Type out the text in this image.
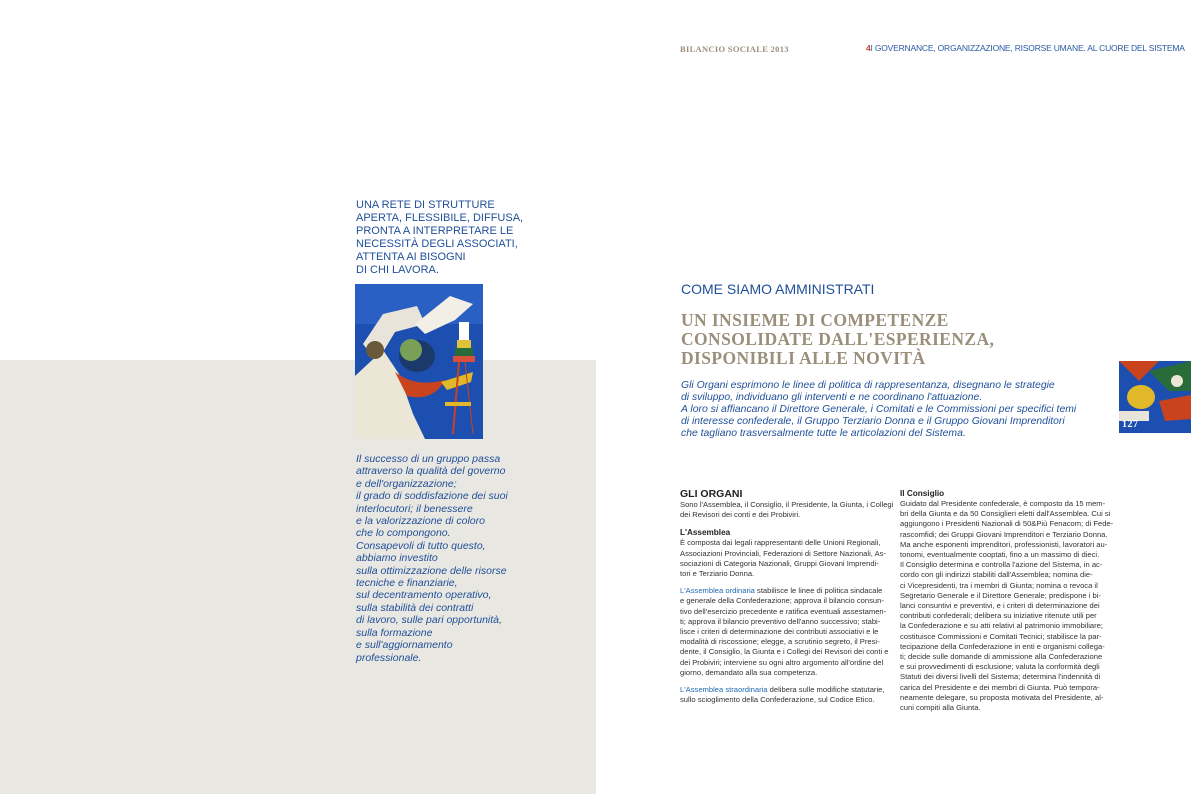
BILANCIO SOCIALE 2013	4I GOVERNANCE, ORGANIZZAZIONE, RISORSE UMANE. AL CUORE DEL SISTEMA
UNA RETE DI STRUTTURE
APERTA, FLESSIBILE, DIFFUSA,
PRONTA A INTERPRETARE LE
NECESSITÀ DEGLI ASSOCIATI,
ATTENTA AI BISOGNI
DI CHI LAVORA.
Il successo di un gruppo passa
attraverso la qualità del governo
e dell'organizzazione;
il grado di soddisfazione dei suoi
interlocutori; il benessere
e la valorizzazione di coloro
che lo compongono.
Consapevoli di tutto questo,
abbiamo investito
sulla ottimizzazione delle risorse
tecniche e finanziarie,
sul decentramento operativo,
sulla stabilità dei contratti
di lavoro, sulle pari opportunità,
sulla formazione
e sull'aggiornamento
professionale.
COME SIAMO AMMINISTRATI
UN INSIEME DI COMPETENZE
CONSOLIDATE DALL'ESPERIENZA,
DISPONIBILI ALLE NOVITÀ
Gli Organi esprimono le linee di politica di rappresentanza, disegnano le strategie
di sviluppo, individuano gli interventi e ne coordinano l'attuazione.
A loro si affiancano il Direttore Generale, i Comitati e le Commissioni per specifici temi
di interesse confederale, il Gruppo Terziario Donna e il Gruppo Giovani Imprenditori
che tagliano trasversalmente tutte le articolazioni del Sistema.
GLI ORGANI

Sono l'Assemblea, il Consiglio, il Presidente, la Giunta, i Collegi
dei Revisori dei conti e dei Probiviri.

L'Assemblea

È composta dai legali rappresentanti delle Unioni Regionali,
Associazioni Provinciali, Federazioni di Settore Nazionali, As-
sociazioni di Categoria Nazionali, Gruppi Giovani Imprendi-
tori e Terziario Donna.

L'Assemblea ordinaria stabilisce le linee di politica sindacale
e generale della Confederazione; approva il bilancio consun-
tivo dell'esercizio precedente e ratifica eventuali assestamen-
ti; approva il bilancio preventivo dell'anno successivo; stabi-
lisce i criteri di determinazione dei contributi associativi e le
modalità di riscossione; elegge, a scrutinio segreto, il Presi-
dente, il Consiglio, la Giunta e i Collegi dei Revisori dei conti e
dei Probiviri; interviene su ogni altro argomento all'ordine del
giorno, demandato alla sua competenza.

L'Assemblea straordinaria delibera sulle modifiche statutarie,
sullo scioglimento della Confederazione, sul Codice Etico.

Il Consiglio

Guidato dal Presidente confederale, è composto da 15 mem-
bri della Giunta e da 50 Consiglieri eletti dall'Assemblea. Cui si
aggiungono i Presidenti Nazionali di 50&Più Fenacom; di Fede-
rascomfidi; dei Gruppi Giovani Imprenditori e Terziario Donna.
Ma anche esponenti imprenditori, professionisti, lavoratori au-
tonomi, eventualmente cooptati, fino a un massimo di dieci.
Il Consiglio determina e controlla l'azione del Sistema, in ac-
cordo con gli indirizzi stabiliti dall'Assemblea; nomina die-
ci Vicepresidenti, tra i membri di Giunta; nomina o revoca il
Segretario Generale e il Direttore Generale; predispone i bi-
lanci consuntivi e preventivi, e i criteri di determinazione dei
contributi confederali; delibera su iniziative ritenute utili per
la Confederazione e su atti relativi al patrimonio immobiliare;
costituisce Commissioni e Comitati Tecnici; stabilisce la par-
tecipazione della Confederazione in enti e organismi collega-
ti; decide sulle domande di ammissione alla Confederazione
e sui provvedimenti di esclusione; valuta la conformità degli
Statuti dei diversi livelli del Sistema; determina l'indennità di
carica del Presidente e dei membri di Giunta. Può tempora-
neamente delegare, su proposta motivata del Presidente, al-
cuni compiti alla Giunta.

127
